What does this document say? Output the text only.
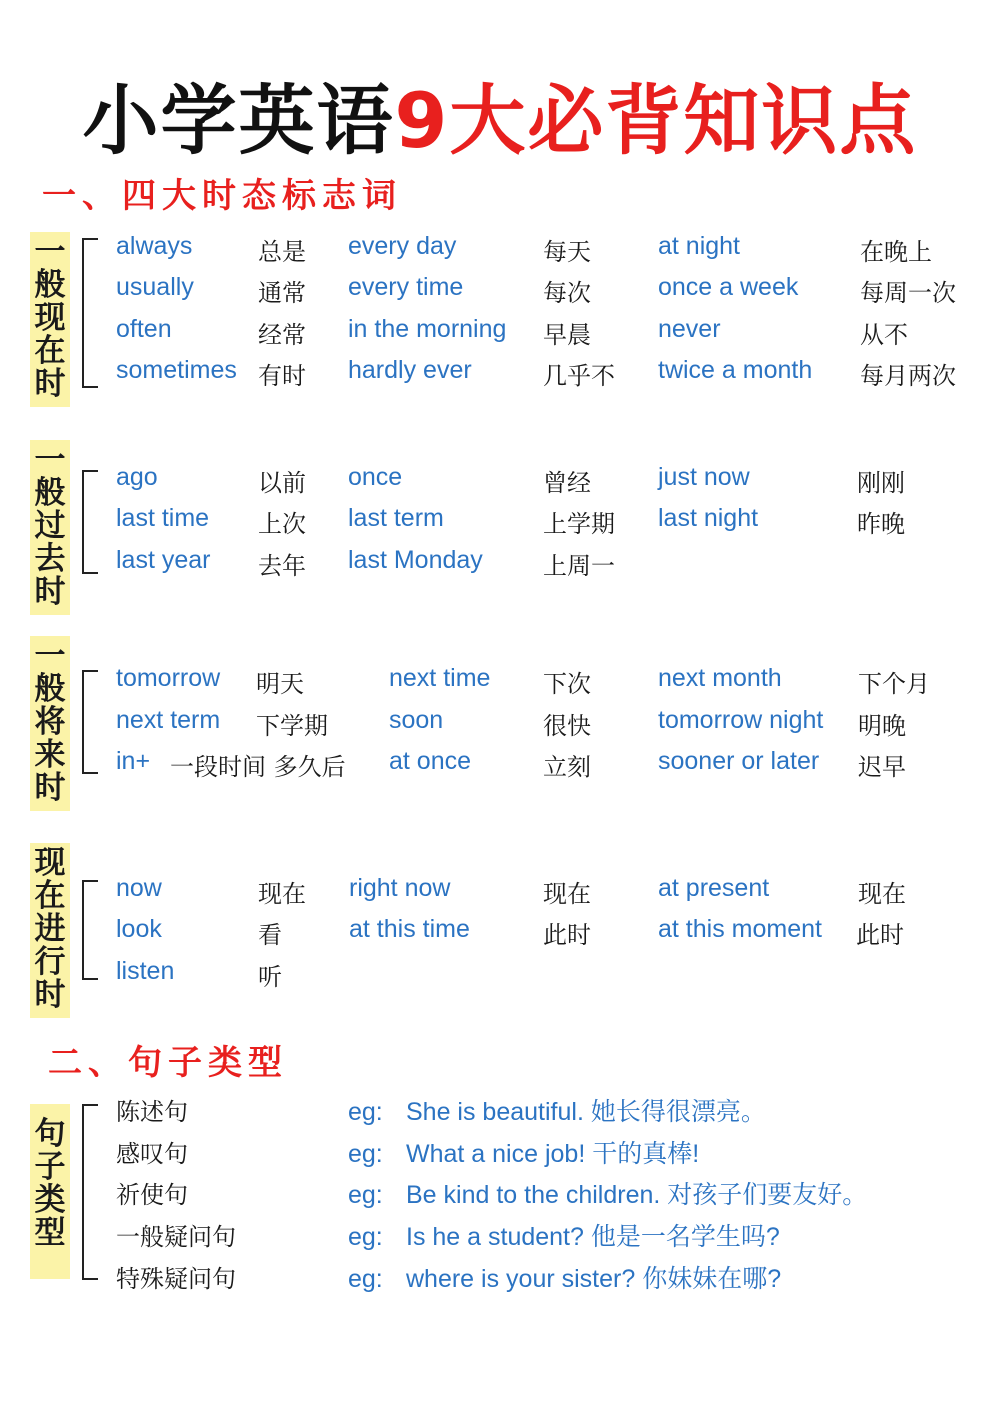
小学英语9大必背知识点
一、四大时态标志词
一
般
现
在
时
always	总是 every day	每天	at night	在晚上
usually	通常 every time	每次	once a week	每周一次
often	经常 in the morning 早晨	never	从不
sometimes 有时 hardly ever	几乎不 twice a month 每月两次
一
般
过
去
时
ago	以前 once	曾经	just now	刚刚
last time 上次 last term	上学期 last night	昨晚
last year 去年 last Monday	上周一
一
般
将
来
时
tomorrow 明天	next time 下次	next month	下个月
next term 下学期 soon	很快	tomorrow night 明晚
in+ 一段时间 多久后 at once	立刻	sooner or later 迟早
现
在
进
行
时
now	现在 right now	现在	at present	现在
look	看	at this time	此时	at this moment 此时
listen	听
二、句子类型
句
子
类
型
陈述句	eg: She is beautiful. 她长得很漂亮。
感叹句	eg: What a nice job! 干的真棒!
祈使句	eg: Be kind to the children. 对孩子们要友好。
一般疑问句	eg: Is he a student? 他是一名学生吗?
特殊疑问句	eg: where is your sister? 你妹妹在哪?
